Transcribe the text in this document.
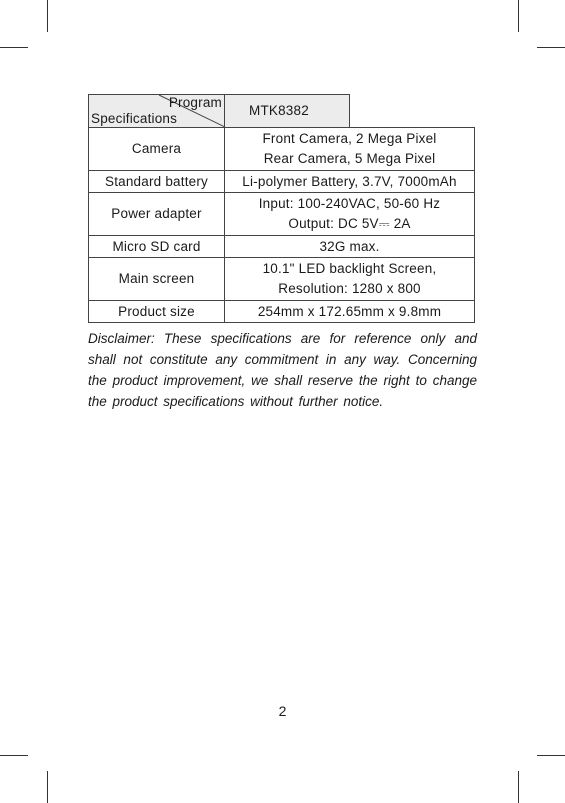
Program
Specifications	MTK8382	
Camera	Front Camera, 2 Mega Pixel
Rear Camera, 5 Mega Pixel	

Standard battery	Li-polymer Battery, 3.7V, 7000mAh	

Power adapter	Input: 100-240VAC, 50-60 Hz
Output: DC 5V⎓ 2A	

Micro SD card	32G max.	

Main screen	10.1" LED backlight Screen,
Resolution: 1280 x 800	

Product size	254mm x 172.65mm x 9.8mm	

Disclaimer: These specifications are for reference only and shall not constitute any commitment in any way. Concerning the product improvement, we shall reserve the right to change the product specifications without further notice.

2
